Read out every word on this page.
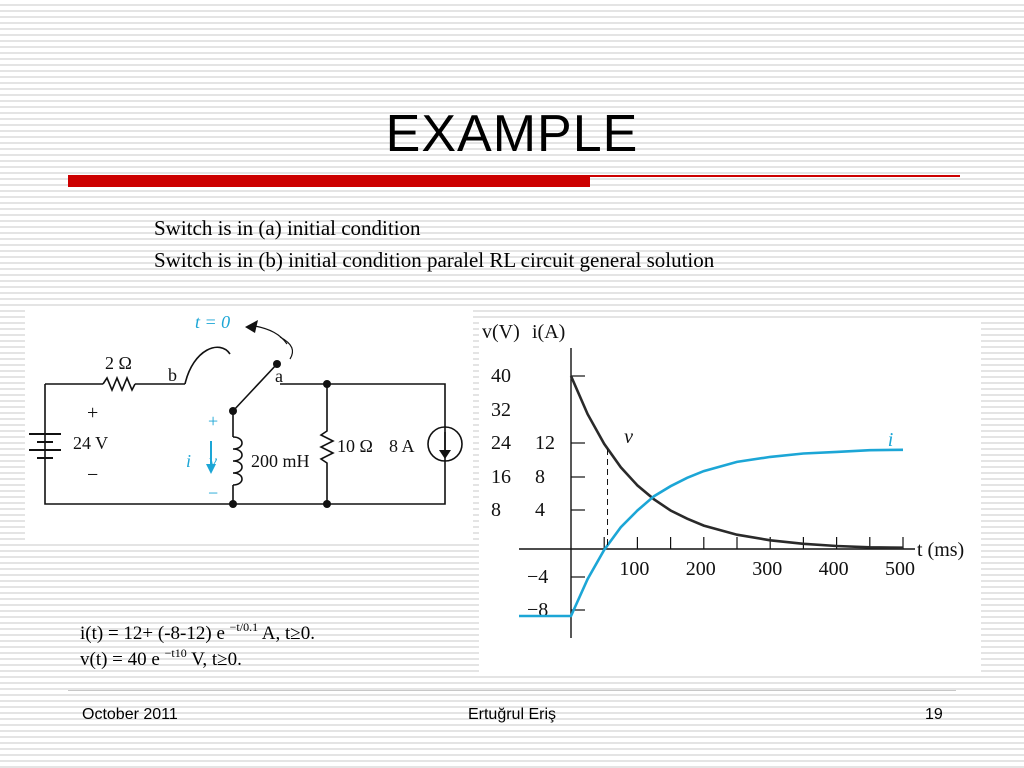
EXAMPLE
Switch is in (a) initial condition
Switch is in (b) initial condition paralel RL circuit general solution
t = 0
2 Ω
b	a
+
24 V
−
+
i v
−
200 mH
10 Ω 8 A
v(V) i(A)
t (ms)
100 200 300 400 500
40
32
24
16
8
12
8
4
−4
−8
v	i
i(t) = 12+ (-8-12) e $^{-t/0.1}$ A, t≥0.
v(t) = 40 e $^{-t10}$ V, t≥0.
October 2011	Ertuğrul Eriş	19
